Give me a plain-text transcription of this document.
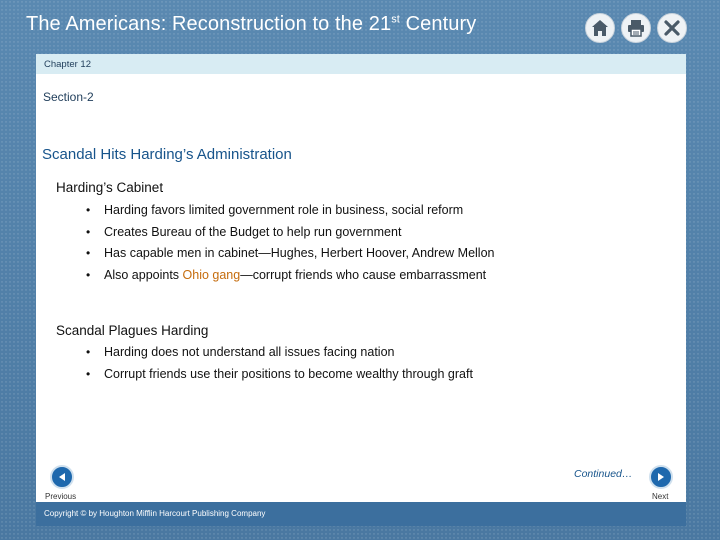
The Americans: Reconstruction to the 21st Century
Chapter 12
Section-2
Scandal Hits Harding’s Administration
Harding’s Cabinet
• Harding favors limited government role in business, social reform
• Creates Bureau of the Budget to help run government
• Has capable men in cabinet—Hughes, Herbert Hoover, Andrew Mellon
• Also appoints Ohio gang—corrupt friends who cause embarrassment
Scandal Plagues Harding
• Harding does not understand all issues facing nation
• Corrupt friends use their positions to become wealthy through graft
Continued…
Previous	Next
Copyright © by Houghton Mifflin Harcourt Publishing Company
